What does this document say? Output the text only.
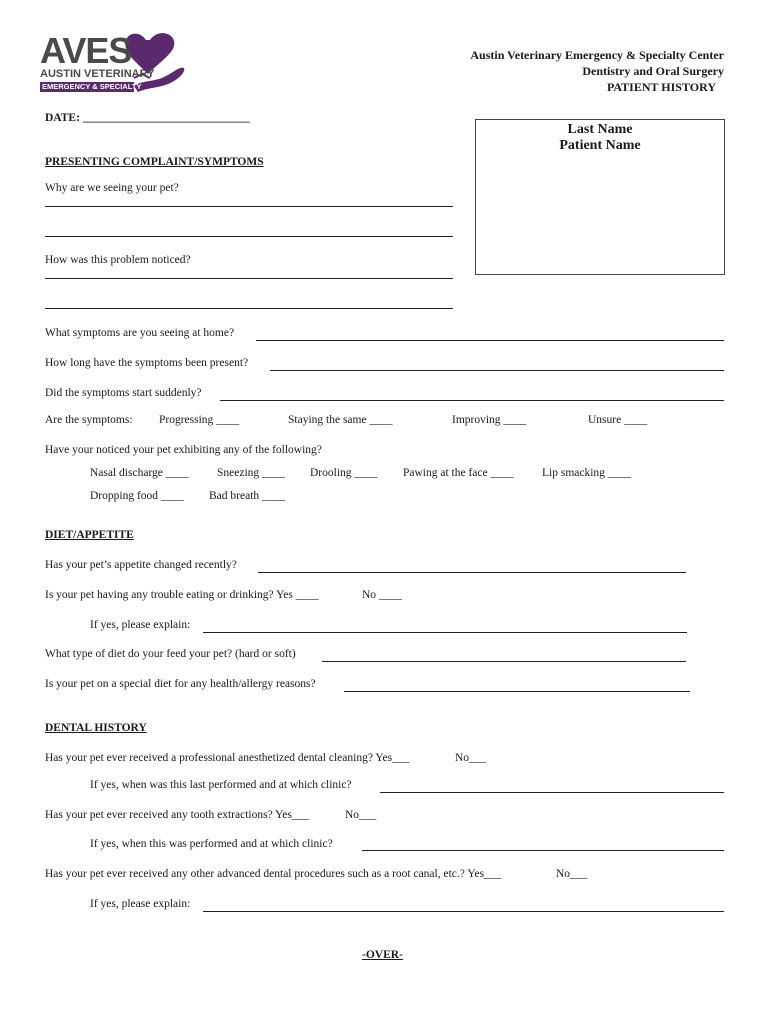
AVES
AUSTIN VETERINARY
EMERGENCY & SPECIALTY
Austin Veterinary Emergency & Specialty Center
Dentistry and Oral Surgery
PATIENT HISTORY
DATE: _____________________________
Last Name
Patient Name
PRESENTING COMPLAINT/SYMPTOMS
Why are we seeing your pet?
How was this problem noticed?
What symptoms are you seeing at home?
How long have the symptoms been present?
Did the symptoms start suddenly?
Are the symptoms: Progressing ____	Staying the same ____	Improving ____	Unsure ____
Have your noticed your pet exhibiting any of the following?
Nasal discharge ____ Sneezing ____ Drooling ____ Pawing at the face ____ Lip smacking ____
Dropping food ____ Bad breath ____
DIET/APPETITE
Has your pet’s appetite changed recently?
Is your pet having any trouble eating or drinking? Yes ____	No ____
If yes, please explain:
What type of diet do your feed your pet? (hard or soft)
Is your pet on a special diet for any health/allergy reasons?
DENTAL HISTORY
Has your pet ever received a professional anesthetized dental cleaning? Yes___	No___
If yes, when was this last performed and at which clinic?
Has your pet ever received any tooth extractions? Yes___	No___
If yes, when this was performed and at which clinic?
Has your pet ever received any other advanced dental procedures such as a root canal, etc.? Yes___	No___
If yes, please explain:
-OVER-
